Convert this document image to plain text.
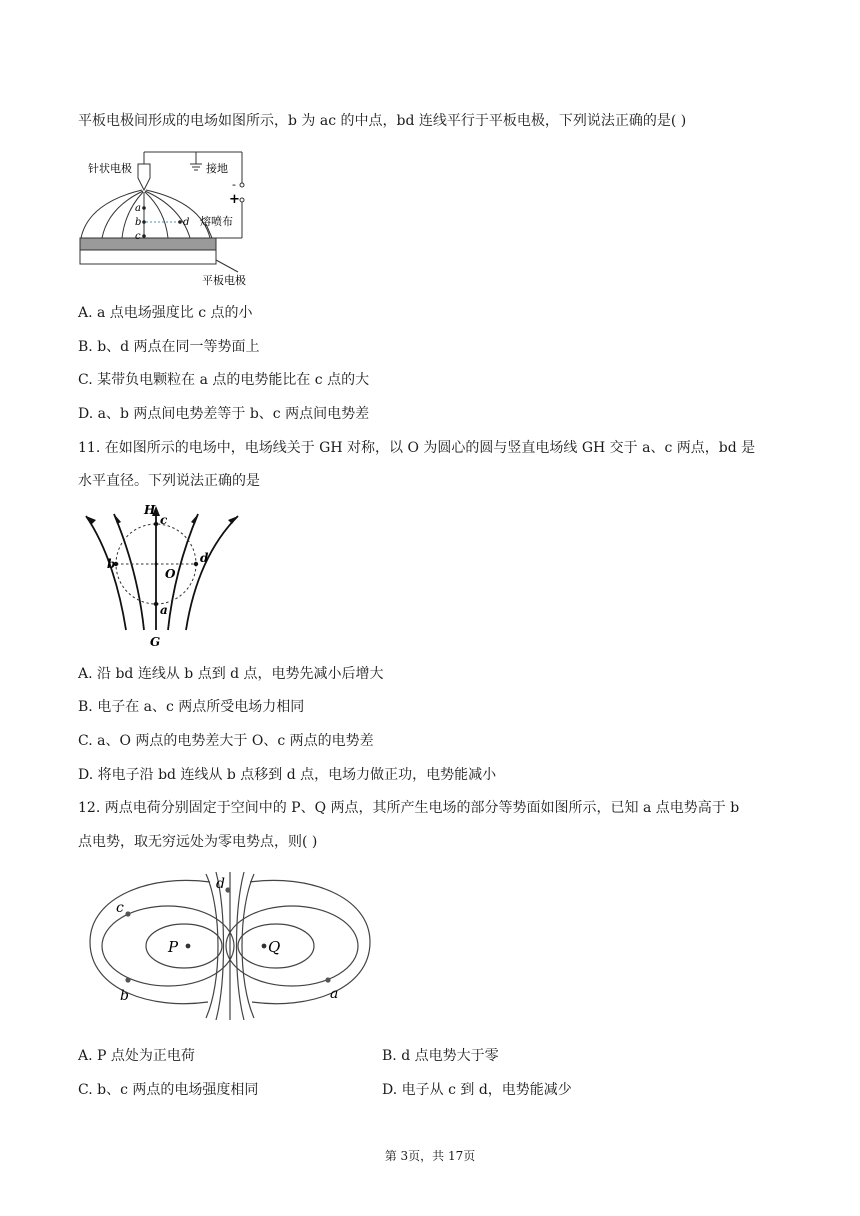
平板电极间形成的电场如图所示，b 为 ac 的中点，bd 连线平行于平板电极，下列说法正确的是( )
针状电极	接地
-
+
熔喷布
平板电极
a
b
c
d
A. a 点电场强度比 c 点的小
B. b、d 两点在同一等势面上
C. 某带负电颗粒在 a 点的电势能比在 c 点的大
D. a、b 两点间电势差等于 b、c 两点间电势差
11. 在如图所示的电场中，电场线关于 GH 对称，以 O 为圆心的圆与竖直电场线 GH 交于 a、c 两点，bd 是
水平直径。下列说法正确的是
H
G
c
a
b	d
O
A. 沿 bd 连线从 b 点到 d 点，电势先减小后增大
B. 电子在 a、c 两点所受电场力相同
C. a、O 两点的电势差大于 O、c 两点的电势差
D. 将电子沿 bd 连线从 b 点移到 d 点，电场力做正功，电势能减小
12. 两点电荷分别固定于空间中的 P、Q 两点，其所产生电场的部分等势面如图所示，已知 a 点电势高于 b
点电势，取无穷远处为零电势点，则( )
P	Q
d
c
b	a
A. P 点处为正电荷	B. d 点电势大于零
C. b、c 两点的电场强度相同	D. 电子从 c 到 d，电势能减少
第 3页，共 17页
